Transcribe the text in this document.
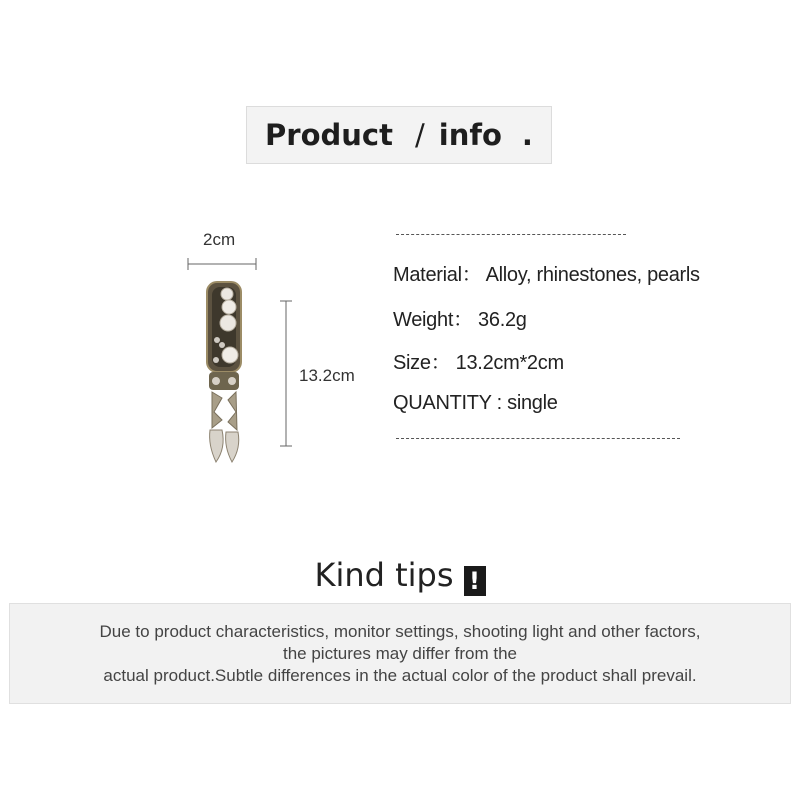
Product / info .
2cm
13.2cm
Material： Alloy, rhinestones, pearls
Weight： 36.2g
Size： 13.2cm*2cm
QUANTITY : single
Kind tips !
Due to product characteristics, monitor settings, shooting light and other factors,
the pictures may differ from the
actual product.Subtle differences in the actual color of the product shall prevail.
